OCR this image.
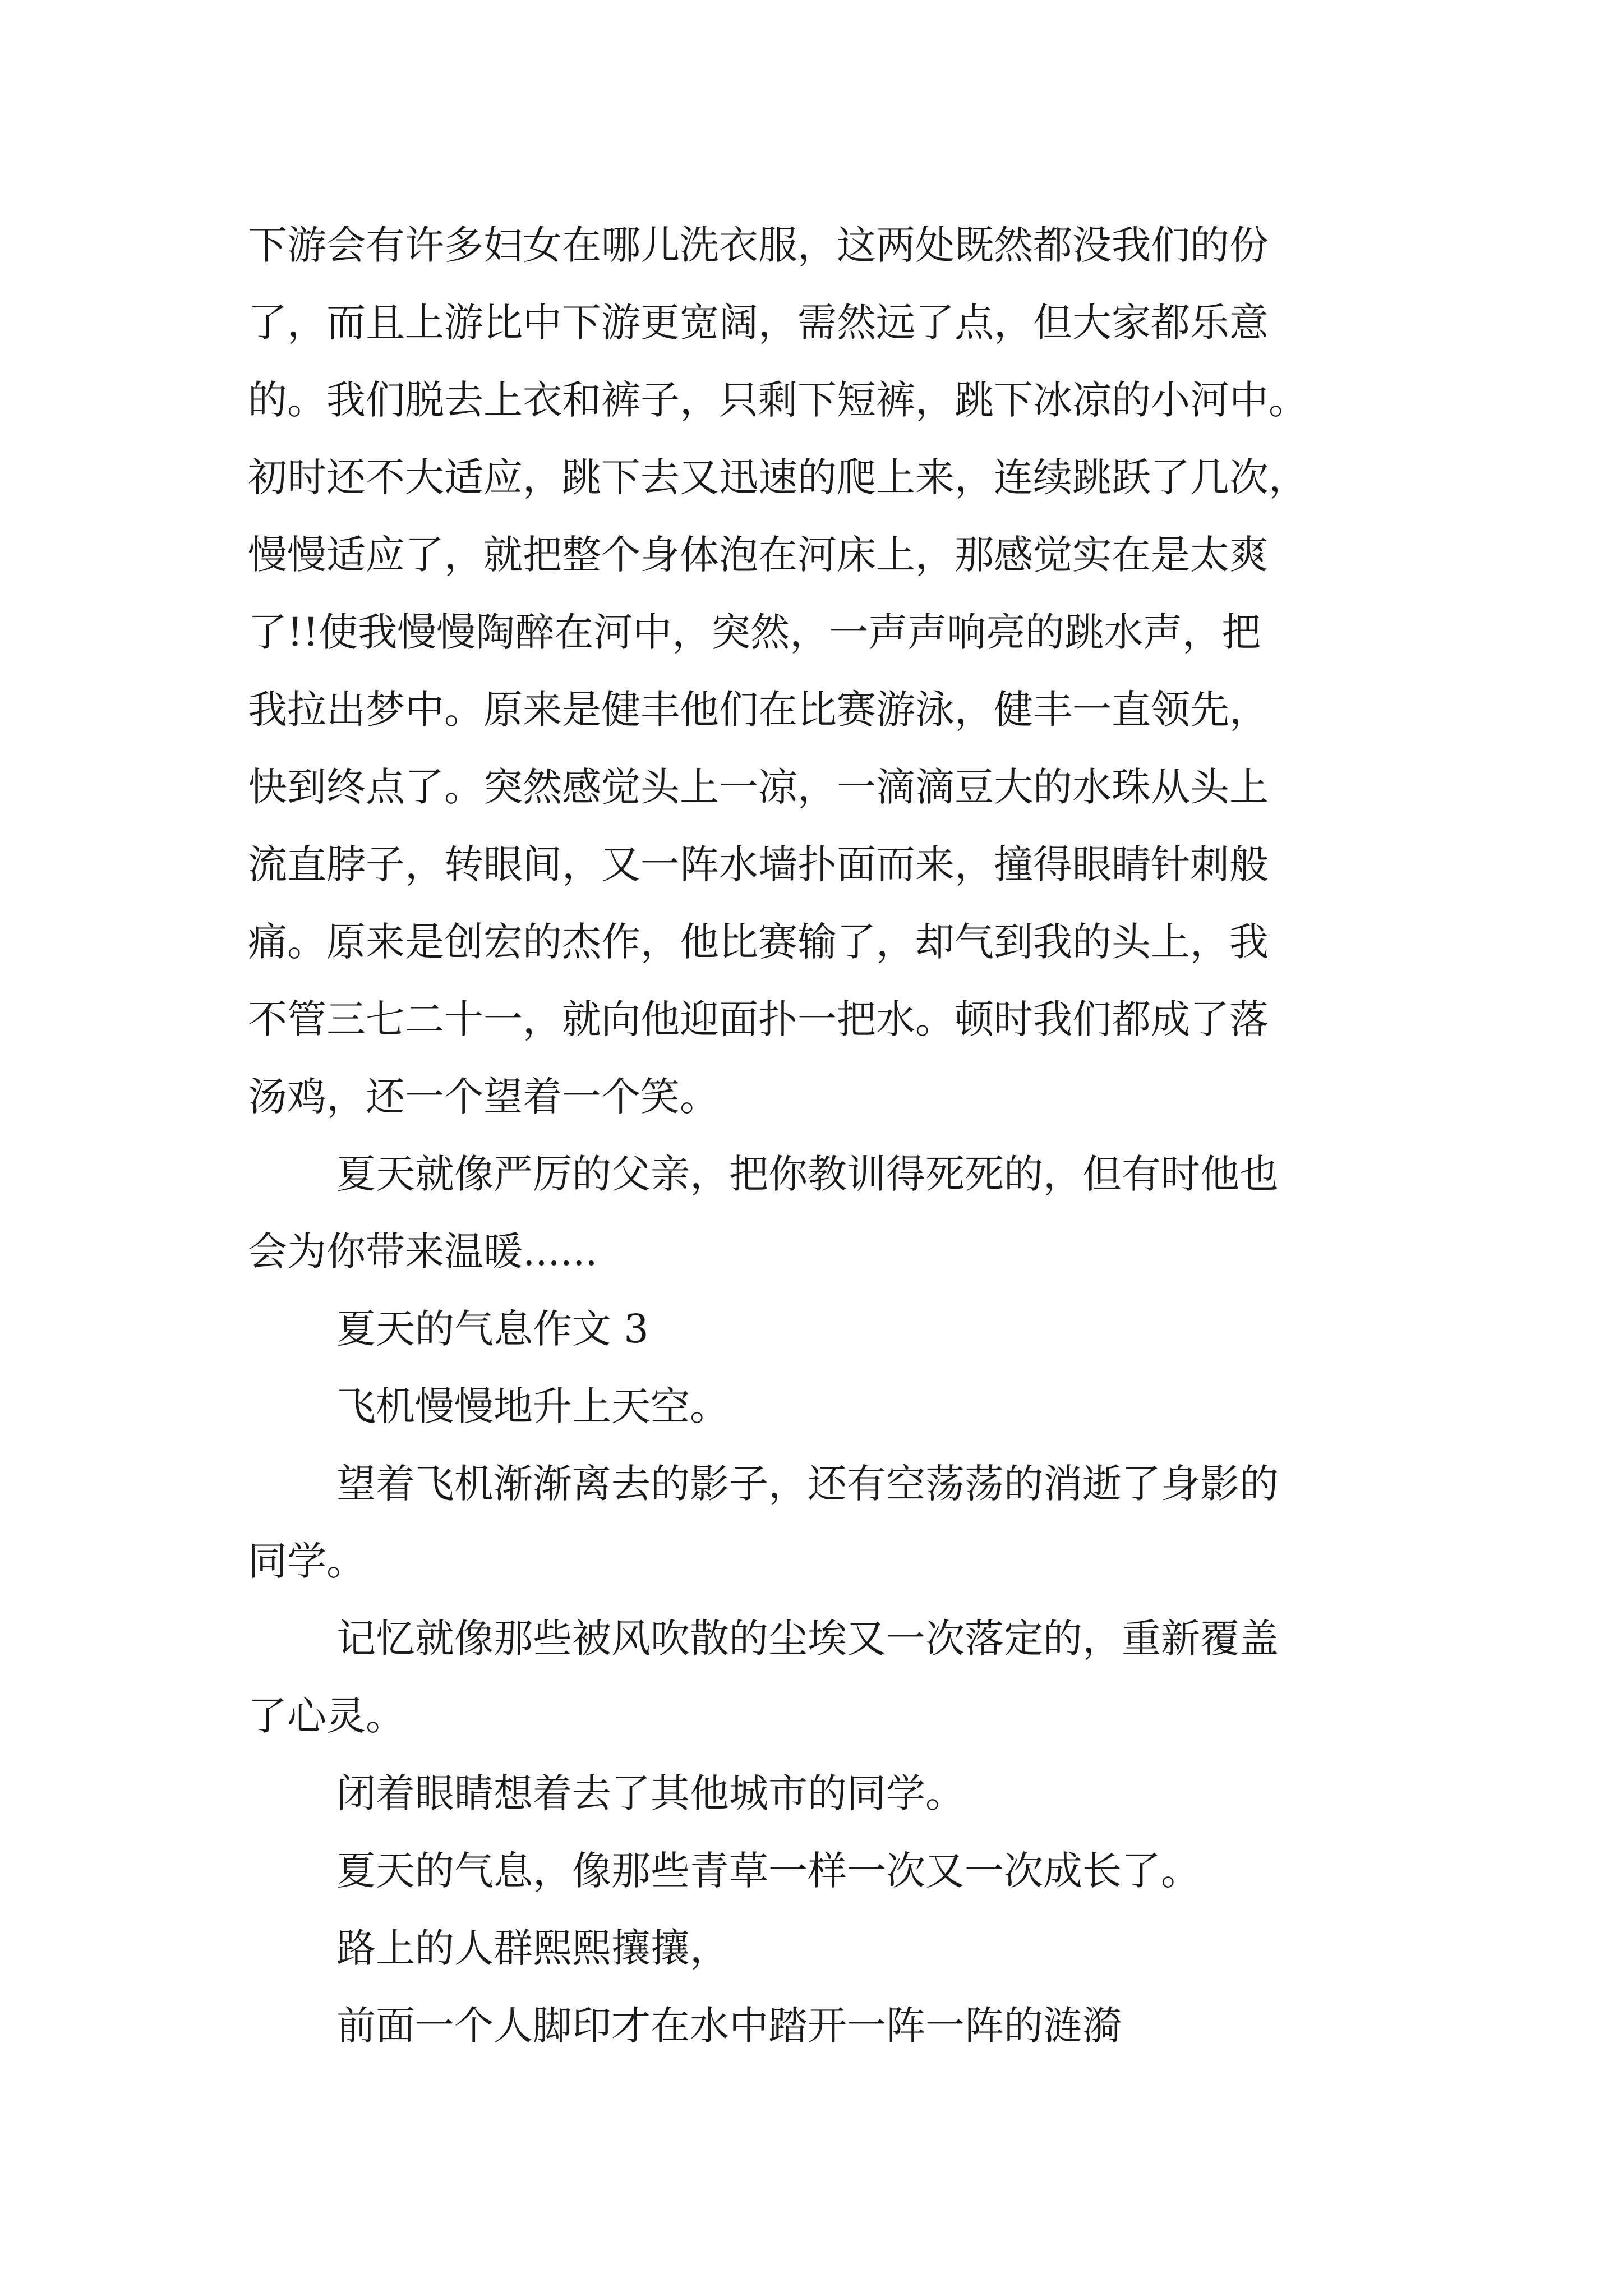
下游会有许多妇女在哪儿洗衣服，这两处既然都没我们的份
了，而且上游比中下游更宽阔，需然远了点，但大家都乐意
的。我们脱去上衣和裤子，只剩下短裤，跳下冰凉的小河中。
初时还不大适应，跳下去又迅速的爬上来，连续跳跃了几次，
慢慢适应了，就把整个身体泡在河床上，那感觉实在是太爽
了!!使我慢慢陶醉在河中，突然，一声声响亮的跳水声，把
我拉出梦中。原来是健丰他们在比赛游泳，健丰一直领先，
快到终点了。突然感觉头上一凉，一滴滴豆大的水珠从头上
流直脖子，转眼间，又一阵水墙扑面而来，撞得眼睛针刺般
痛。原来是创宏的杰作，他比赛输了，却气到我的头上，我
不管三七二十一，就向他迎面扑一把水。顿时我们都成了落
汤鸡，还一个望着一个笑。
夏天就像严厉的父亲，把你教训得死死的，但有时他也
会为你带来温暖......
夏天的气息作文 3
飞机慢慢地升上天空。
望着飞机渐渐离去的影子，还有空荡荡的消逝了身影的
同学。
记忆就像那些被风吹散的尘埃又一次落定的，重新覆盖
了心灵。
闭着眼睛想着去了其他城市的同学。
夏天的气息，像那些青草一样一次又一次成长了。
路上的人群熙熙攘攘，
前面一个人脚印才在水中踏开一阵一阵的涟漪
